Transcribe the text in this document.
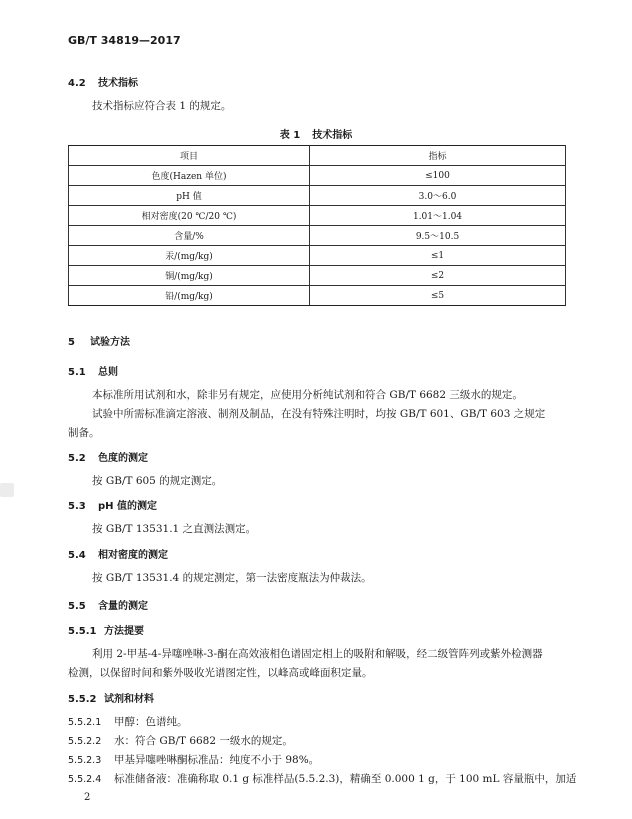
GB/T 34819—2017
4.2 技术指标
技术指标应符合表 1 的规定。
表 1 技术指标
项目	指标
色度(Hazen 单位)	≤100
pH 值	3.0～6.0
相对密度(20 ℃/20 ℃)	1.01～1.04
含量/%	9.5～10.5
汞/(mg/kg)	≤1
铜/(mg/kg)	≤2
铅/(mg/kg)	≤5
5 试验方法
5.1 总则
本标准所用试剂和水，除非另有规定，应使用分析纯试剂和符合 GB/T 6682 三级水的规定。
试验中所需标准滴定溶液、制剂及制品，在没有特殊注明时，均按 GB/T 601、GB/T 603 之规定
制备。
5.2 色度的测定
按 GB/T 605 的规定测定。
5.3 pH 值的测定
按 GB/T 13531.1 之直测法测定。
5.4 相对密度的测定
按 GB/T 13531.4 的规定测定，第一法密度瓶法为仲裁法。
5.5 含量的测定
5.5.1 方法提要
利用 2-甲基-4-异噻唑啉-3-酮在高效液相色谱固定相上的吸附和解吸，经二级管阵列或紫外检测器
检测，以保留时间和紫外吸收光谱图定性，以峰高或峰面积定量。
5.5.2 试剂和材料
5.5.2.1 甲醇：色谱纯。
5.5.2.2 水：符合 GB/T 6682 一级水的规定。
5.5.2.3 甲基异噻唑啉酮标准品：纯度不小于 98%。
5.5.2.4 标准储备液：准确称取 0.1 g 标准样品(5.5.2.3)，精确至 0.000 1 g，于 100 mL 容量瓶中，加适
2
